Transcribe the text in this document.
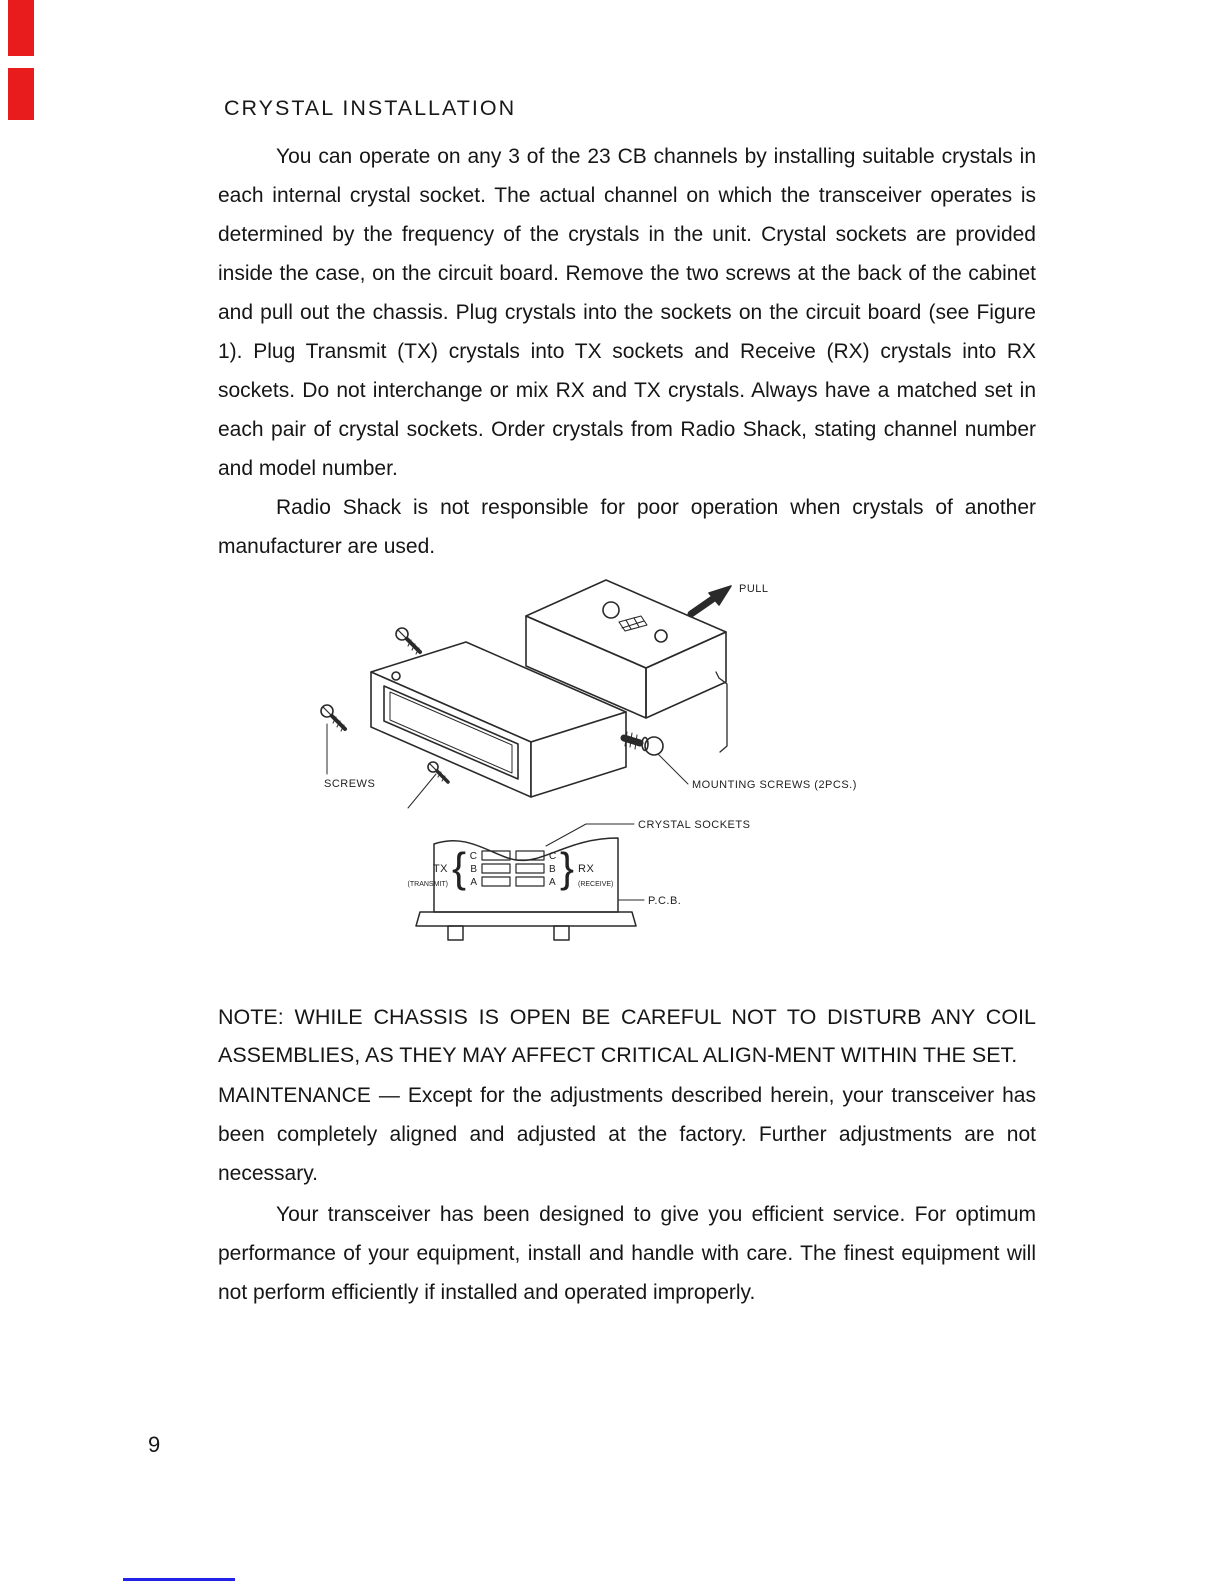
CRYSTAL INSTALLATION

You can operate on any 3 of the 23 CB channels by installing suitable crystals in each internal crystal socket. The actual channel on which the transceiver operates is determined by the frequency of the crystals in the unit. Crystal sockets are provided inside the case, on the circuit board. Remove the two screws at the back of the cabinet and pull out the chassis. Plug crystals into the sockets on the circuit board (see Figure 1). Plug Transmit (TX) crystals into TX sockets and Receive (RX) crystals into RX sockets. Do not interchange or mix RX and TX crystals. Always have a matched set in each pair of crystal sockets. Order crystals from Radio Shack, stating channel number and model number.

Radio Shack is not responsible for poor operation when crystals of another manufacturer are used.

PULL
SCREWS	MOUNTING SCREWS (2PCS.)
C
B
A
C
B
A
{ }
TX
(TRANSMIT)
RX
(RECEIVE)
CRYSTAL SOCKETS
P.C.B.

NOTE: WHILE CHASSIS IS OPEN BE CAREFUL NOT TO DISTURB ANY COIL ASSEMBLIES, AS THEY MAY AFFECT CRITICAL ALIGN-MENT WITHIN THE SET.

MAINTENANCE — Except for the adjustments described herein, your transceiver has been completely aligned and adjusted at the factory. Further adjustments are not necessary.

Your transceiver has been designed to give you efficient service. For optimum performance of your equipment, install and handle with care. The finest equipment will not perform efficiently if installed and operated improperly.

9
